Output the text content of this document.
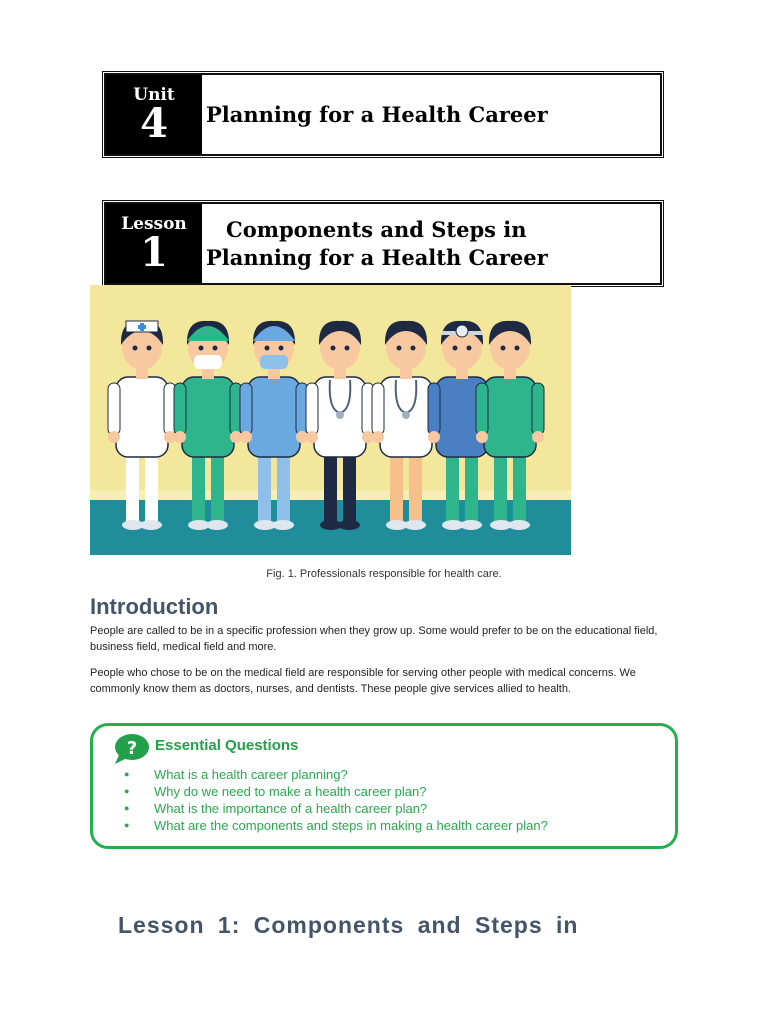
Unit
4 Planning for a Health Career
Lesson
1	Components and Steps in
Planning for a Health Career
Fig. 1. Professionals responsible for health care.
Introduction
People are called to be in a specific profession when they grow up. Some would prefer to be on the educational field, business field, medical field and more.
People who chose to be on the medical field are responsible for serving other people with medical concerns. We commonly know them as doctors, nurses, and dentists. These people give services allied to health.
? Essential Questions
●	What is a health career planning?
●	Why do we need to make a health career plan?
●	What is the importance of a health career plan?
●	What are the components and steps in making a health career plan?
Lesson 1: Components and Steps in
